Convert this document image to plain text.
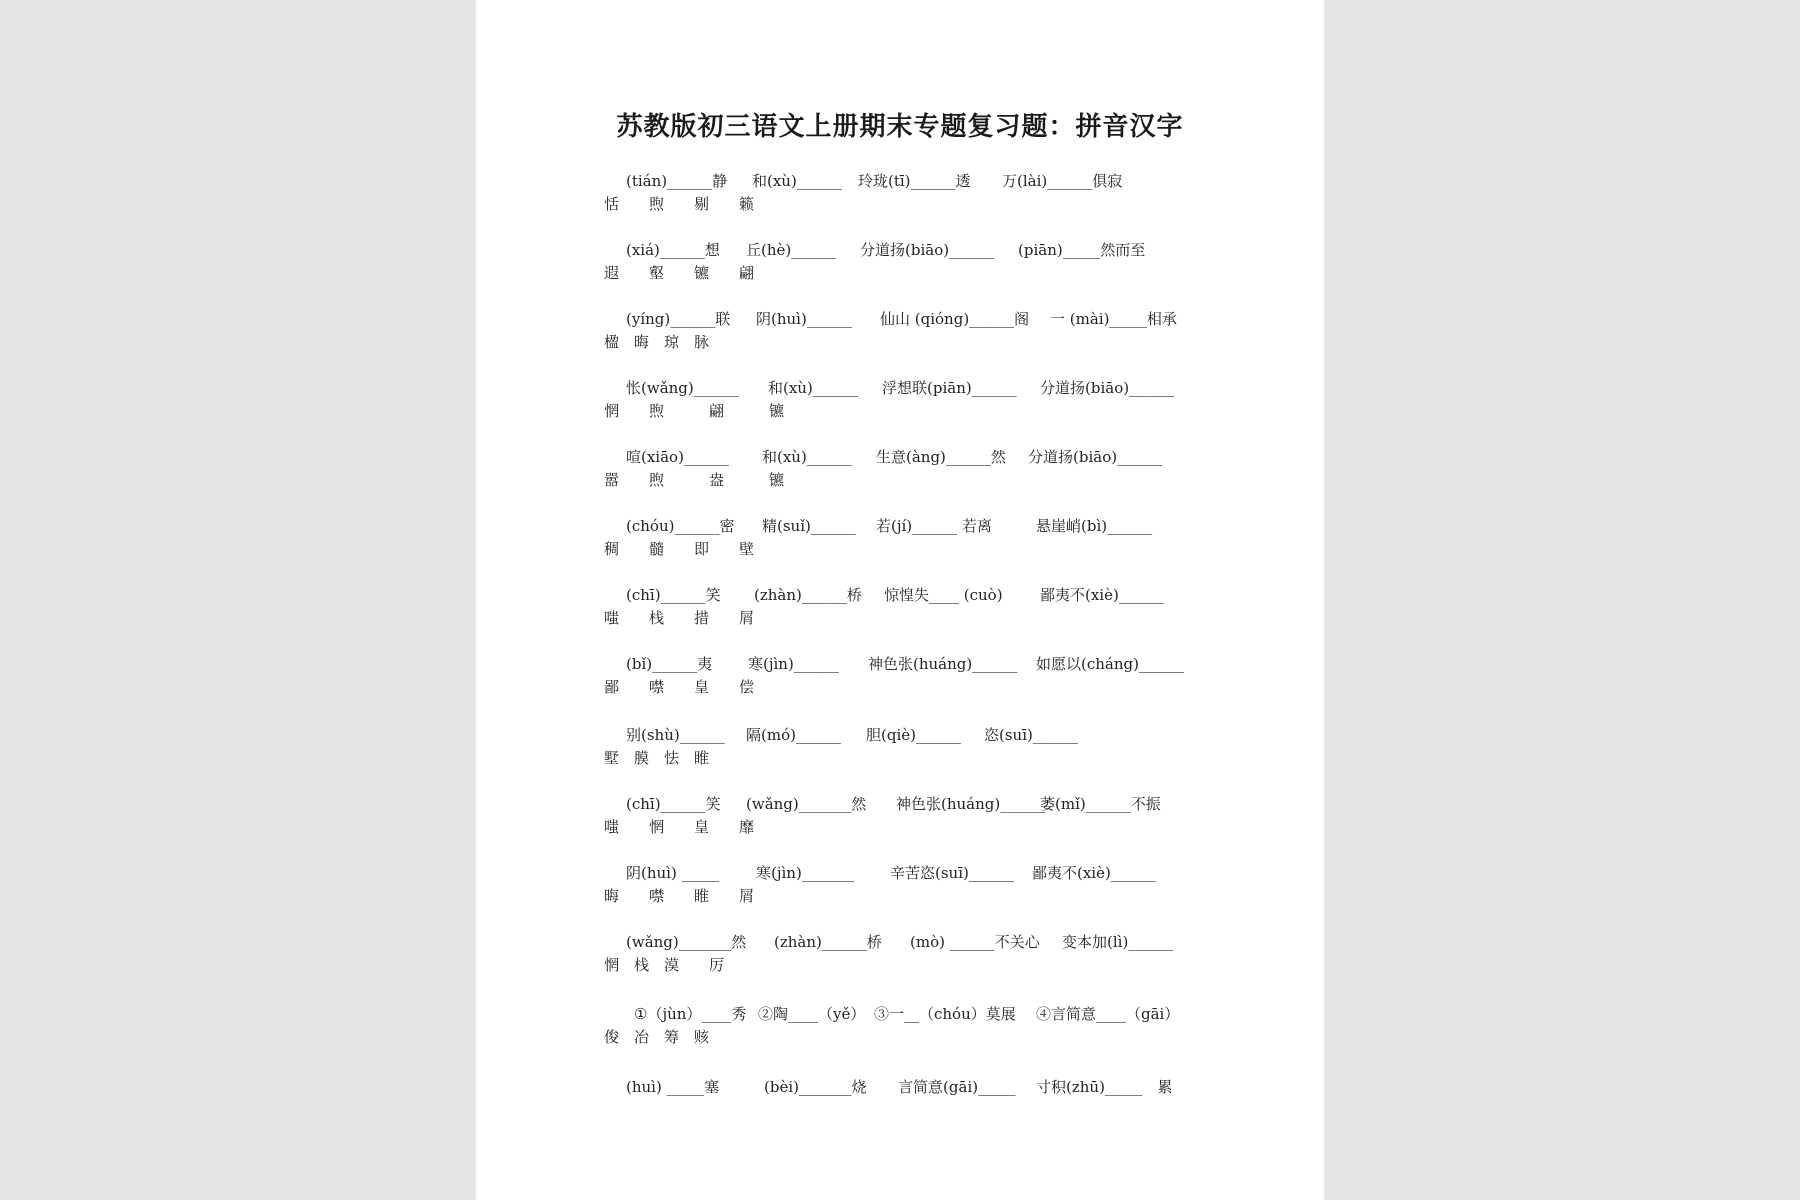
苏教版初三语文上册期末专题复习题：拼音汉字
(tián)______静 和(xù)______ 玲珑(tī)______透 万(lài)______俱寂
恬　　煦　　剔　　籁
(xiá)______想 丘(hè)______ 分道扬(biāo)______ (piān)_____然而至
遐　　壑　　镳　　翩
(yíng)______联 阴(huì)______ 仙山 (qióng)______阁 一 (mài)_____相承
楹　晦　琼　脉
怅(wǎng)______ 和(xù)______ 浮想联(piān)______ 分道扬(biāo)______
惘　　煦　　　翩　　　镳
喧(xiāo)______ 和(xù)______ 生意(àng)______然 分道扬(biāo)______
嚣　　煦　　　盎　　　镳
(chóu)______密 精(suǐ)______ 若(jí)______ 若离	悬崖峭(bì)______
稠　　髓　　即　　壁
(chī)______笑 (zhàn)______桥 惊惶失____ (cuò) 鄙夷不(xiè)______
嗤　　栈　　措　　屑
(bǐ)______夷 寒(jìn)______ 神色张(huáng)______ 如愿以(cháng)______
鄙　　噤　　皇　　偿
别(shù)______ 隔(mó)______ 胆(qiè)______ 恣(suī)______
墅　膜　怯　睢
(chī)______笑 (wǎng)_______然 神色张(huáng)______
萎(mǐ)______不振
嗤　　惘　　皇　　靡
阴(huì) _____ 寒(jìn)_______ 辛苦恣(suī)______ 鄙夷不(xiè)______
晦　　噤　　睢　　屑
(wǎng)_______然 (zhàn)______桥 (mò) ______不关心 变本加(lì)______
惘　栈　漠　　厉
①（jùn）____秀 ②陶____（yě） ③一__（chóu）莫展 ④言简意____（gāi）
俊　冶　筹　赅
(huì) _____塞	(bèi)_______烧 言简意(gāi)_____ 寸积(zhū)_____　累
